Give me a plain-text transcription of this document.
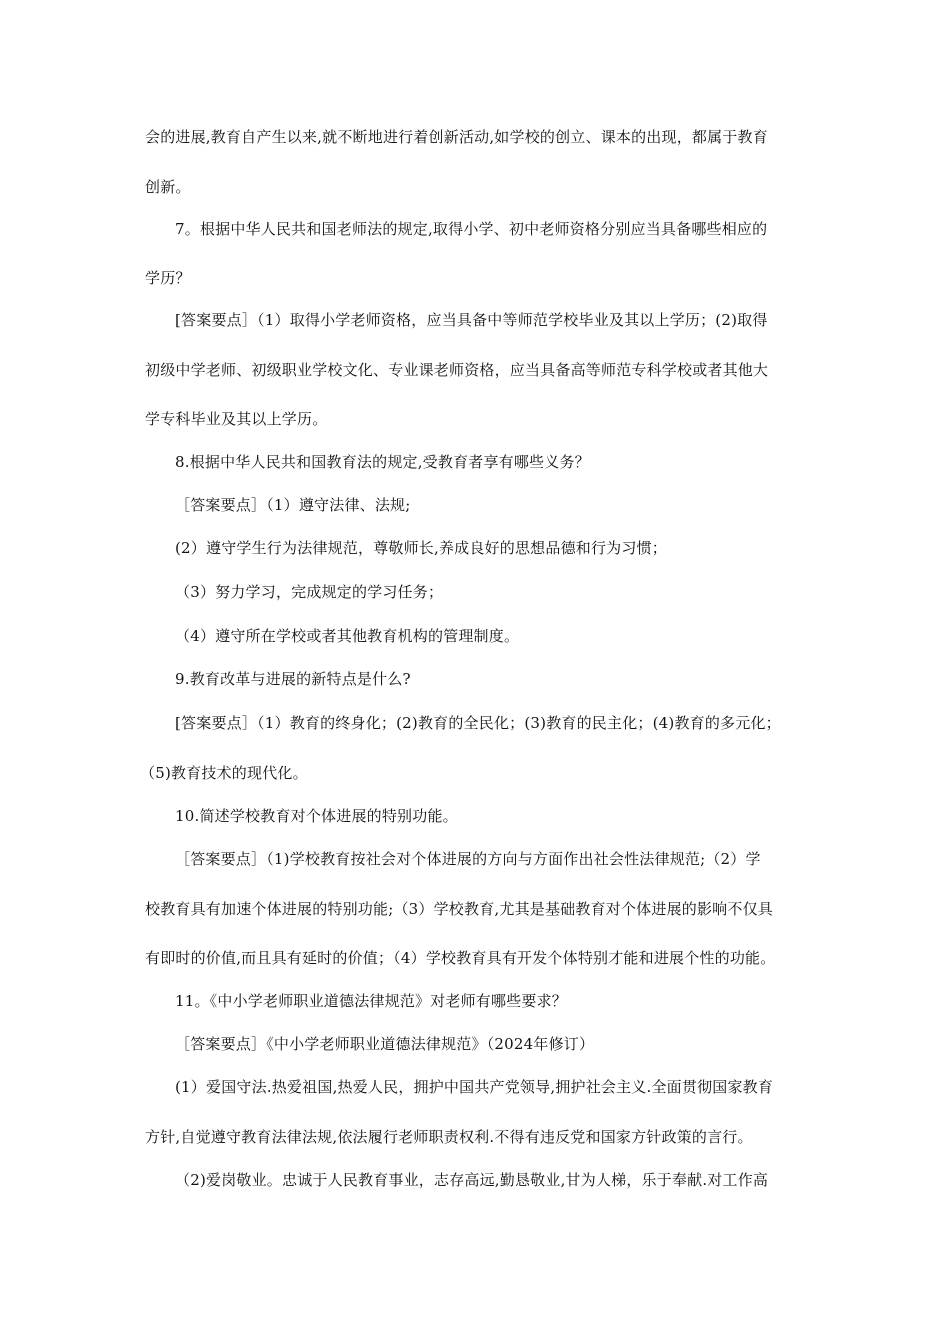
会的进展,教育自产生以来,就不断地进行着创新活动,如学校的创立、课本的出现，都属于教育
创新。
7。根据中华人民共和国老师法的规定,取得小学、初中老师资格分别应当具备哪些相应的
学历？
[答案要点］（1）取得小学老师资格，应当具备中等师范学校毕业及其以上学历；(2)取得
初级中学老师、初级职业学校文化、专业课老师资格，应当具备高等师范专科学校或者其他大
学专科毕业及其以上学历。
8.根据中华人民共和国教育法的规定,受教育者享有哪些义务？
［答案要点］（1）遵守法律、法规;
(2）遵守学生行为法律规范，尊敬师长,养成良好的思想品德和行为习惯；
（3）努力学习，完成规定的学习任务；
（4）遵守所在学校或者其他教育机构的管理制度。
9.教育改革与进展的新特点是什么?
[答案要点］（1）教育的终身化；(2)教育的全民化；(3)教育的民主化；(4)教育的多元化；
（5)教育技术的现代化。
10.简述学校教育对个体进展的特别功能。
［答案要点］（1)学校教育按社会对个体进展的方向与方面作出社会性法律规范;（2）学
校教育具有加速个体进展的特别功能;（3）学校教育,尤其是基础教育对个体进展的影响不仅具
有即时的价值,而且具有延时的价值；（4）学校教育具有开发个体特别才能和进展个性的功能。
11。《中小学老师职业道德法律规范》对老师有哪些要求？
［答案要点］《中小学老师职业道德法律规范》（2024年修订）
(1）爱国守法.热爱祖国,热爱人民，拥护中国共产党领导,拥护社会主义.全面贯彻国家教育
方针,自觉遵守教育法律法规,依法履行老师职责权利.不得有违反党和国家方针政策的言行。
（2)爱岗敬业。忠诚于人民教育事业，志存高远,勤恳敬业,甘为人梯，乐于奉献.对工作高
